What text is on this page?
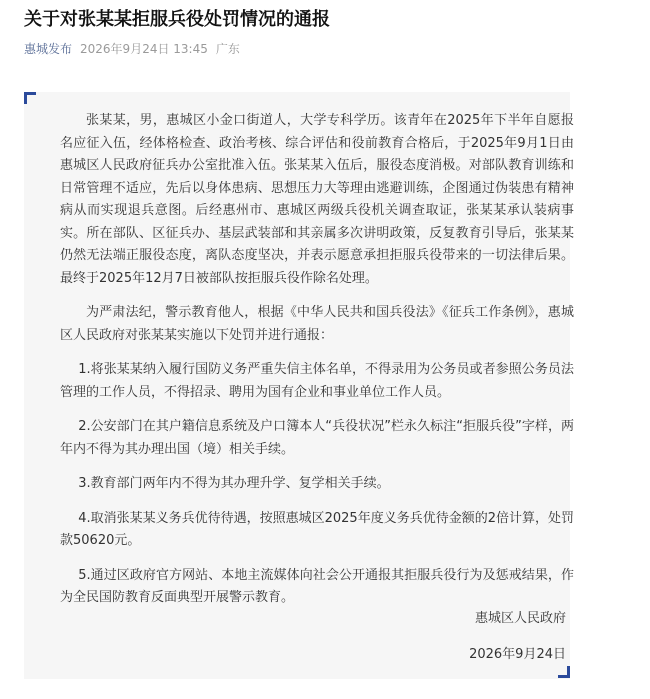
关于对张某某拒服兵役处罚情况的通报
惠城发布 2026年9月24日 13:45 广东

张某某，男，惠城区小金口街道人，大学专科学历。该青年在2025年下半年自愿报名应征入伍，经体格检查、政治考核、综合评估和役前教育合格后，于2025年9月1日由惠城区人民政府征兵办公室批准入伍。张某某入伍后，服役态度消极。对部队教育训练和日常管理不适应，先后以身体患病、思想压力大等理由逃避训练，企图通过伪装患有精神病从而实现退兵意图。后经惠州市、惠城区两级兵役机关调查取证，张某某承认装病事实。所在部队、区征兵办、基层武装部和其亲属多次讲明政策，反复教育引导后，张某某仍然无法端正服役态度，离队态度坚决，并表示愿意承担拒服兵役带来的一切法律后果。最终于2025年12月7日被部队按拒服兵役作除名处理。

为严肃法纪，警示教育他人，根据《中华人民共和国兵役法》《征兵工作条例》，惠城区人民政府对张某某实施以下处罚并进行通报：

1.将张某某纳入履行国防义务严重失信主体名单，不得录用为公务员或者参照公务员法管理的工作人员，不得招录、聘用为国有企业和事业单位工作人员。

2.公安部门在其户籍信息系统及户口簿本人“兵役状况”栏永久标注“拒服兵役”字样，两年内不得为其办理出国（境）相关手续。

3.教育部门两年内不得为其办理升学、复学相关手续。

4.取消张某某义务兵优待待遇，按照惠城区2025年度义务兵优待金额的2倍计算，处罚款50620元。

5.通过区政府官方网站、本地主流媒体向社会公开通报其拒服兵役行为及惩戒结果，作为全民国防教育反面典型开展警示教育。

惠城区人民政府
2026年9月24日
